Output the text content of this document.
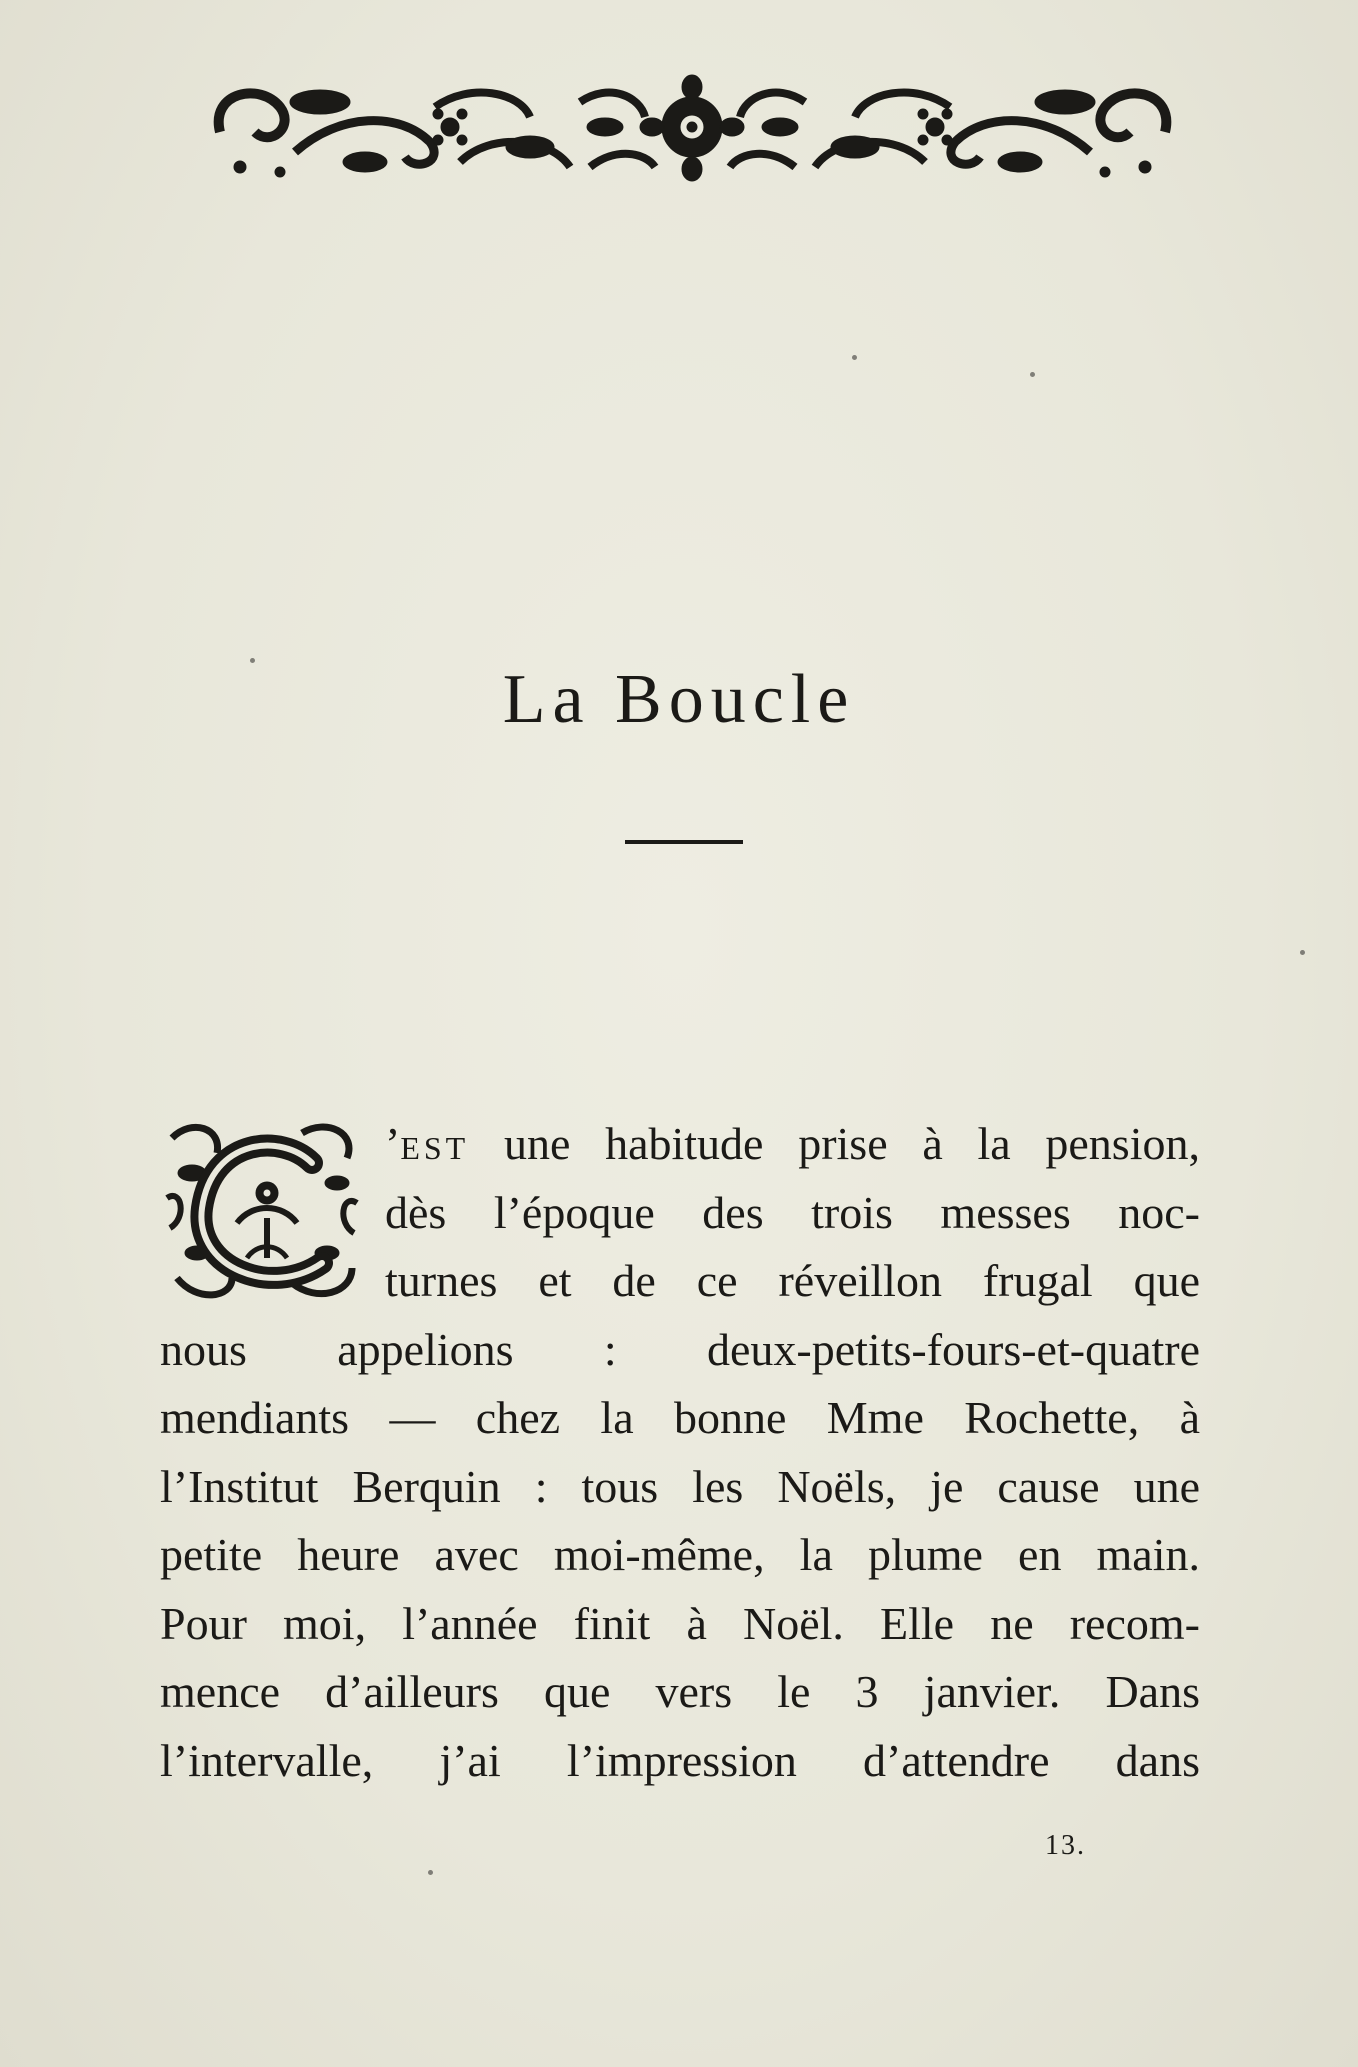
La Boucle
’EST une habitude prise à la pension,
dès l’époque des trois messes noc-
turnes et de ce réveillon frugal que
nous appelions : deux-petits-fours-et-quatre
mendiants — chez la bonne Mme Rochette, à
l’Institut Berquin : tous les Noëls, je cause une
petite heure avec moi-même, la plume en main.
Pour moi, l’année finit à Noël. Elle ne recom-
mence d’ailleurs que vers le 3 janvier. Dans
l’intervalle, j’ai l’impression d’attendre dans
13.
